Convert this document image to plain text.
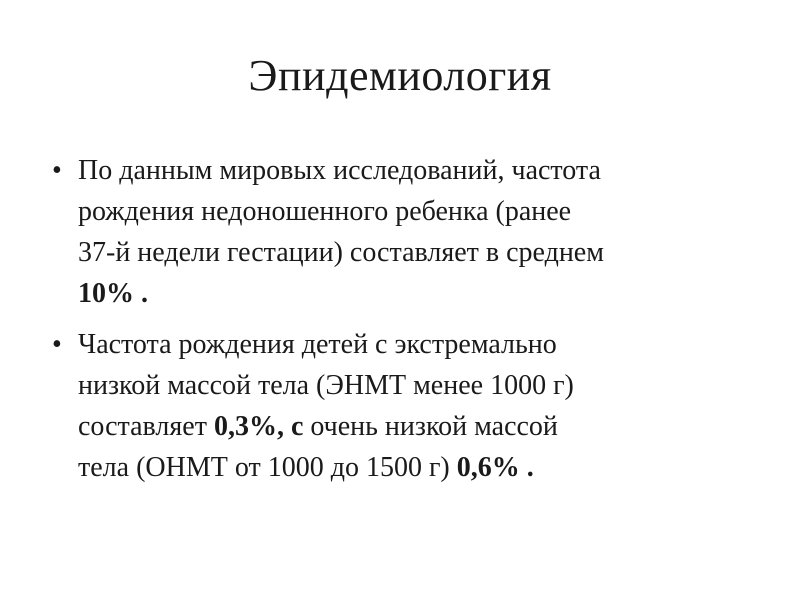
Эпидемиология
• По данным мировых исследований, частота
рождения недоношенного ребенка (ранее
37-й недели гестации) составляет в среднем
10% .
• Частота рождения детей с экстремально
низкой массой тела (ЭНМТ менее 1000 г)
составляет 0,3%, с очень низкой массой
тела (ОНМТ от 1000 до 1500 г) 0,6% .
